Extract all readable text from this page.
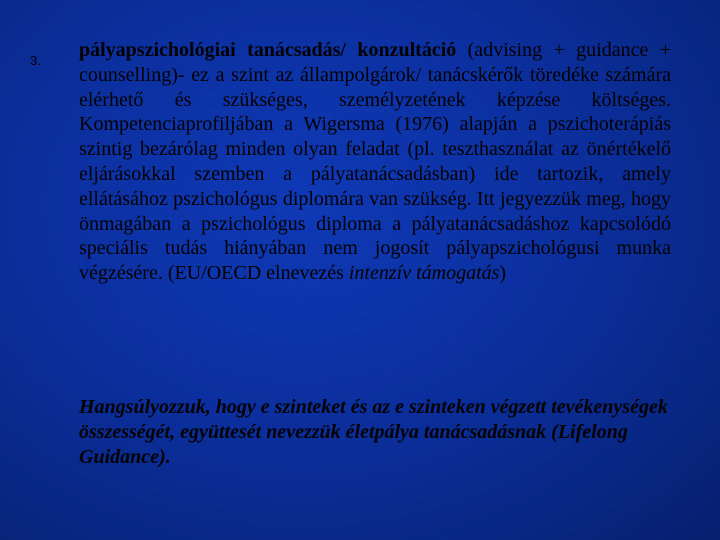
3. pályapszichológiai tanácsadás/ konzultáció (advising + guidance + counselling)- ez a szint az állampolgárok/ tanácskérők töredéke számára elérhető és szükséges, személyzetének képzése költséges. Kompetenciaprofiljában a Wigersma (1976) alapján a pszichoterápiás szintig bezárólag minden olyan feladat (pl. teszthasználat az önértékelő eljárásokkal szemben a pályatanácsadásban) ide tartozik, amely ellátásához pszichológus diplomára van szükség. Itt jegyezzük meg, hogy önmagában a pszichológus diploma a pályatanácsadáshoz kapcsolódó speciális tudás hiányában nem jogosít pályapszichológusi munka végzésére. (EU/OECD elnevezés intenzív támogatás)
Hangsúlyozzuk, hogy e szinteket és az e szinteken végzett tevékenységek összességét, együttesét nevezzük életpálya tanácsadásnak (Lifelong Guidance).
